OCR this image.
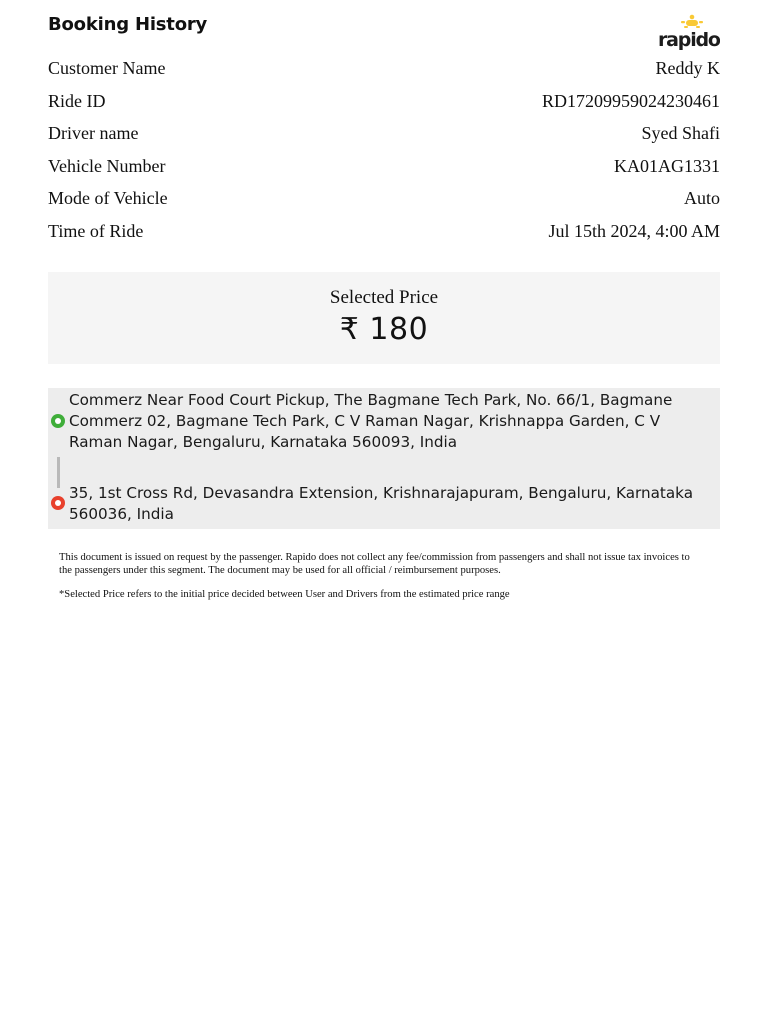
Booking History
rapido
Customer Name	Reddy K
Ride ID	RD17209959024230461
Driver name	Syed Shafi
Vehicle Number	KA01AG1331
Mode of Vehicle	Auto
Time of Ride	Jul 15th 2024, 4:00 AM
Selected Price
₹ 180
Commerz Near Food Court Pickup, The Bagmane Tech Park, No. 66/1, Bagmane Commerz 02, Bagmane Tech Park, C V Raman Nagar, Krishnappa Garden, C V Raman Nagar, Bengaluru, Karnataka 560093, India
35, 1st Cross Rd, Devasandra Extension, Krishnarajapuram, Bengaluru, Karnataka 560036, India

This document is issued on request by the passenger. Rapido does not collect any fee/commission from passengers and shall not issue tax invoices to the passengers under this segment. The document may be used for all official / reimbursement purposes.

*Selected Price refers to the initial price decided between User and Drivers from the estimated price range
